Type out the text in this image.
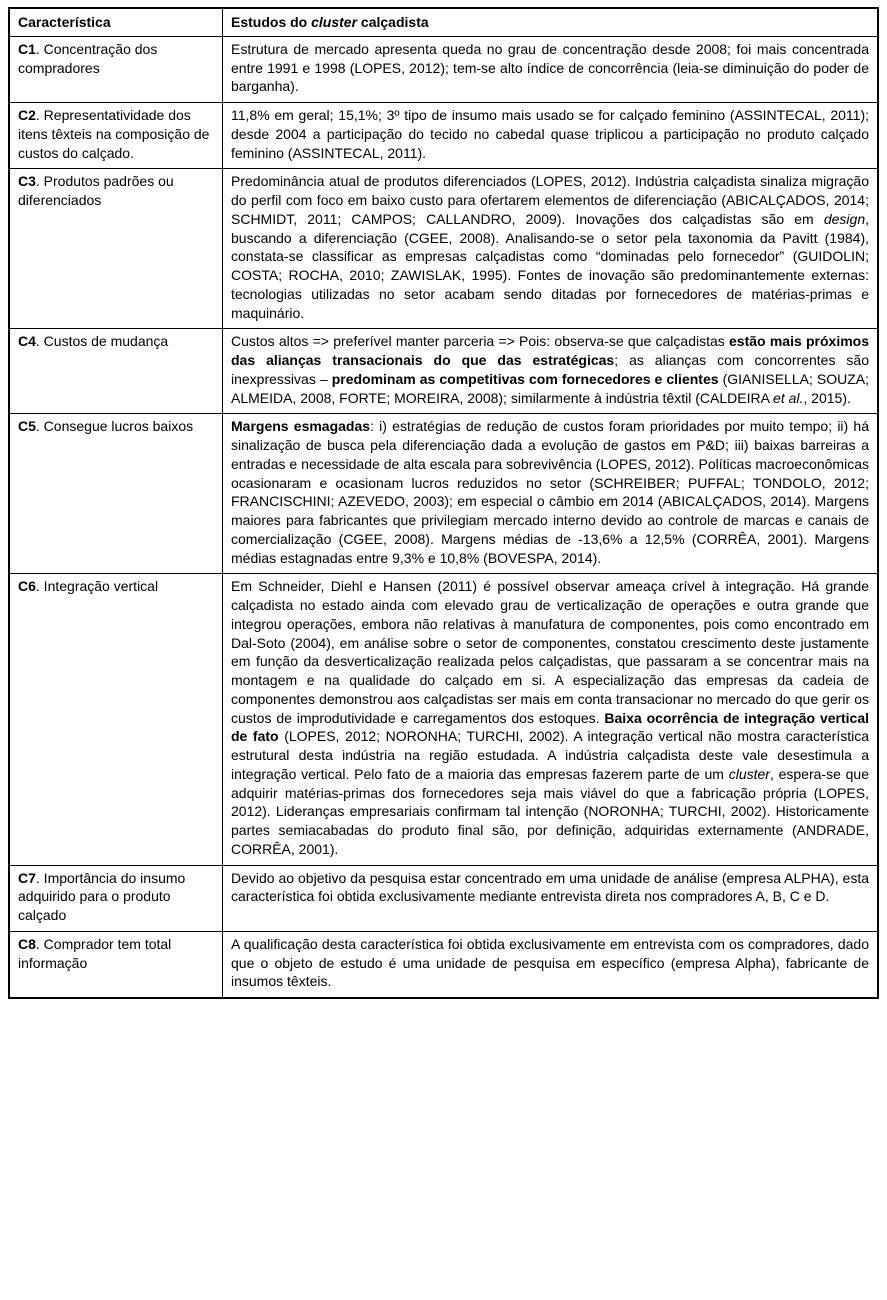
Característica	Estudos do cluster calçadista
C1. Concentração dos compradores	Estrutura de mercado apresenta queda no grau de concentração desde 2008; foi mais concentrada entre 1991 e 1998 (LOPES, 2012); tem-se alto índice de concorrência (leia-se diminuição do poder de barganha).
C2. Representatividade dos itens têxteis na composição de custos do calçado.	11,8% em geral; 15,1%; 3º tipo de insumo mais usado se for calçado feminino (ASSINTECAL, 2011); desde 2004 a participação do tecido no cabedal quase triplicou a participação no produto calçado feminino (ASSINTECAL, 2011).
C3. Produtos padrões ou diferenciados	Predominância atual de produtos diferenciados (LOPES, 2012). Indústria calçadista sinaliza migração do perfil com foco em baixo custo para ofertarem elementos de diferenciação (ABICALÇADOS, 2014; SCHMIDT, 2011; CAMPOS; CALLANDRO, 2009). Inovações dos calçadistas são em design, buscando a diferenciação (CGEE, 2008). Analisando-se o setor pela taxonomia da Pavitt (1984), constata-se classificar as empresas calçadistas como “dominadas pelo fornecedor” (GUIDOLIN; COSTA; ROCHA, 2010; ZAWISLAK, 1995). Fontes de inovação são predominantemente externas: tecnologias utilizadas no setor acabam sendo ditadas por fornecedores de matérias-primas e maquinário.
C4. Custos de mudança	Custos altos => preferível manter parceria => Pois: observa-se que calçadistas estão mais próximos das alianças transacionais do que das estratégicas; as alianças com concorrentes são inexpressivas – predominam as competitivas com fornecedores e clientes (GIANISELLA; SOUZA; ALMEIDA, 2008, FORTE; MOREIRA, 2008); similarmente à indústria têxtil (CALDEIRA et al., 2015).
C5. Consegue lucros baixos	Margens esmagadas: i) estratégias de redução de custos foram prioridades por muito tempo; ii) há sinalização de busca pela diferenciação dada a evolução de gastos em P&D; iii) baixas barreiras a entradas e necessidade de alta escala para sobrevivência (LOPES, 2012). Políticas macroeconômicas ocasionaram e ocasionam lucros reduzidos no setor (SCHREIBER; PUFFAL; TONDOLO, 2012; FRANCISCHINI; AZEVEDO, 2003); em especial o câmbio em 2014 (ABICALÇADOS, 2014). Margens maiores para fabricantes que privilegiam mercado interno devido ao controle de marcas e canais de comercialização (CGEE, 2008). Margens médias de -13,6% a 12,5% (CORRÊA, 2001). Margens médias estagnadas entre 9,3% e 10,8% (BOVESPA, 2014).
C6. Integração vertical	Em Schneider, Diehl e Hansen (2011) é possível observar ameaça crível à integração. Há grande calçadista no estado ainda com elevado grau de verticalização de operações e outra grande que integrou operações, embora não relativas à manufatura de componentes, pois como encontrado em Dal-Soto (2004), em análise sobre o setor de componentes, constatou crescimento deste justamente em função da desverticalização realizada pelos calçadistas, que passaram a se concentrar mais na montagem e na qualidade do calçado em si. A especialização das empresas da cadeia de componentes demonstrou aos calçadistas ser mais em conta transacionar no mercado do que gerir os custos de improdutividade e carregamentos dos estoques. Baixa ocorrência de integração vertical de fato (LOPES, 2012; NORONHA; TURCHI, 2002). A integração vertical não mostra característica estrutural desta indústria na região estudada. A indústria calçadista deste vale desestimula a integração vertical. Pelo fato de a maioria das empresas fazerem parte de um cluster, espera-se que adquirir matérias-primas dos fornecedores seja mais viável do que a fabricação própria (LOPES, 2012). Lideranças empresariais confirmam tal intenção (NORONHA; TURCHI, 2002). Historicamente partes semiacabadas do produto final são, por definição, adquiridas externamente (ANDRADE, CORRÊA, 2001).
C7. Importância do insumo adquirido para o produto calçado	Devido ao objetivo da pesquisa estar concentrado em uma unidade de análise (empresa ALPHA), esta característica foi obtida exclusivamente mediante entrevista direta nos compradores A, B, C e D.
C8. Comprador tem total informação	A qualificação desta característica foi obtida exclusivamente em entrevista com os compradores, dado que o objeto de estudo é uma unidade de pesquisa em específico (empresa Alpha), fabricante de insumos têxteis.
